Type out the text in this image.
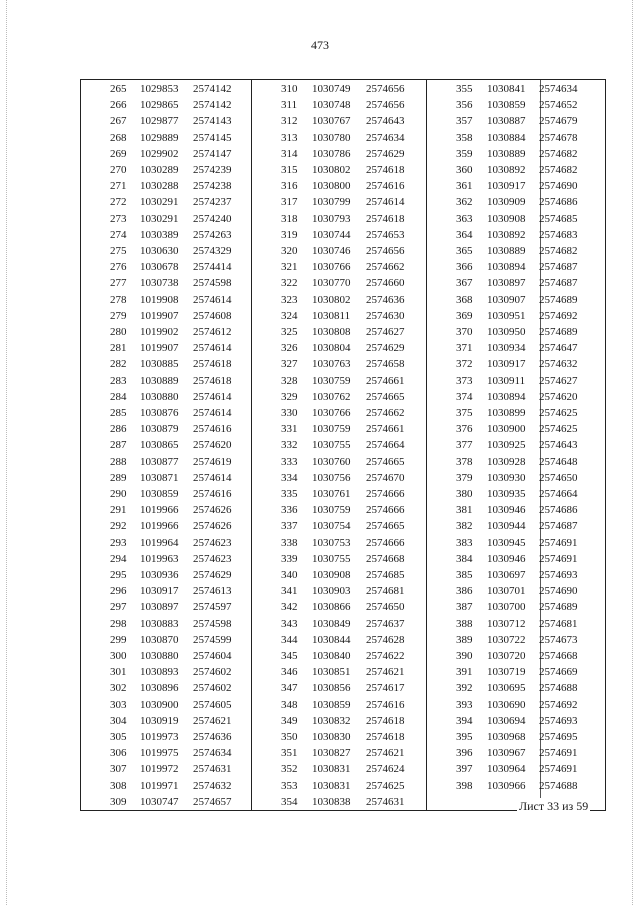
473
265 1029853 2574142
266 1029865 2574142
267 1029877 2574143
268 1029889 2574145
269 1029902 2574147
270 1030289 2574239
271 1030288 2574238
272 1030291 2574237
273 1030291 2574240
274 1030389 2574263
275 1030630 2574329
276 1030678 2574414
277 1030738 2574598
278 1019908 2574614
279 1019907 2574608
280 1019902 2574612
281 1019907 2574614
282 1030885 2574618
283 1030889 2574618
284 1030880 2574614
285 1030876 2574614
286 1030879 2574616
287 1030865 2574620
288 1030877 2574619
289 1030871 2574614
290 1030859 2574616
291 1019966 2574626
292 1019966 2574626
293 1019964 2574623
294 1019963 2574623
295 1030936 2574629
296 1030917 2574613
297 1030897 2574597
298 1030883 2574598
299 1030870 2574599
300 1030880 2574604
301 1030893 2574602
302 1030896 2574602
303 1030900 2574605
304 1030919 2574621
305 1019973 2574636
306 1019975 2574634
307 1019972 2574631
308 1019971 2574632
309 1030747 2574657
310 1030749 2574656
311 1030748 2574656
312 1030767 2574643
313 1030780 2574634
314 1030786 2574629
315 1030802 2574618
316 1030800 2574616
317 1030799 2574614
318 1030793 2574618
319 1030744 2574653
320 1030746 2574656
321 1030766 2574662
322 1030770 2574660
323 1030802 2574636
324 1030811 2574630
325 1030808 2574627
326 1030804 2574629
327 1030763 2574658
328 1030759 2574661
329 1030762 2574665
330 1030766 2574662
331 1030759 2574661
332 1030755 2574664
333 1030760 2574665
334 1030756 2574670
335 1030761 2574666
336 1030759 2574666
337 1030754 2574665
338 1030753 2574666
339 1030755 2574668
340 1030908 2574685
341 1030903 2574681
342 1030866 2574650
343 1030849 2574637
344 1030844 2574628
345 1030840 2574622
346 1030851 2574621
347 1030856 2574617
348 1030859 2574616
349 1030832 2574618
350 1030830 2574618
351 1030827 2574621
352 1030831 2574624
353 1030831 2574625
354 1030838 2574631
355 1030841 2574634
356 1030859 2574652
357 1030887 2574679
358 1030884 2574678
359 1030889 2574682
360 1030892 2574682
361 1030917 2574690
362 1030909 2574686
363 1030908 2574685
364 1030892 2574683
365 1030889 2574682
366 1030894 2574687
367 1030897 2574687
368 1030907 2574689
369 1030951 2574692
370 1030950 2574689
371 1030934 2574647
372 1030917 2574632
373 1030911 2574627
374 1030894 2574620
375 1030899 2574625
376 1030900 2574625
377 1030925 2574643
378 1030928 2574648
379 1030930 2574650
380 1030935 2574664
381 1030946 2574686
382 1030944 2574687
383 1030945 2574691
384 1030946 2574691
385 1030697 2574693
386 1030701 2574690
387 1030700 2574689
388 1030712 2574681
389 1030722 2574673
390 1030720 2574668
391 1030719 2574669
392 1030695 2574688
393 1030690 2574692
394 1030694 2574693
395 1030968 2574695
396 1030967 2574691
397 1030964 2574691
398 1030966 2574688
Лист 33 из 59
